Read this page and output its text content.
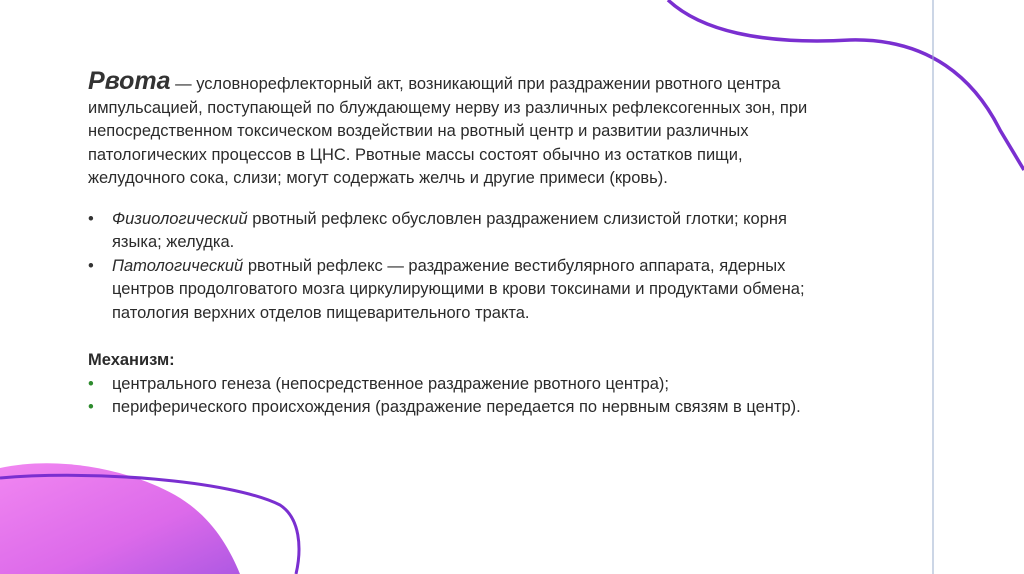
Рвота — условнорефлекторный акт, возникающий при раздражении рвотного центра импульсацией, поступающей по блуждающему нерву из различных рефлексогенных зон, при непосредственном токсическом воздействии на рвотный центр и развитии различных патологических процессов в ЦНС. Рвотные массы состоят обычно из остатков пищи, желудочного сока, слизи; могут содержать желчь и другие примеси (кровь).

• Физиологический рвотный рефлекс обусловлен раздражением слизистой глотки; корня языка; желудка.
• Патологический рвотный рефлекс — раздражение вестибулярного аппарата, ядерных центров продолговатого мозга циркулирующими в крови токсинами и продуктами обмена; патология верхних отделов пищеварительного тракта.
Механизм:
• центрального генеза (непосредственное раздражение рвотного центра);
• периферического происхождения (раздражение передается по нервным связям в центр).
